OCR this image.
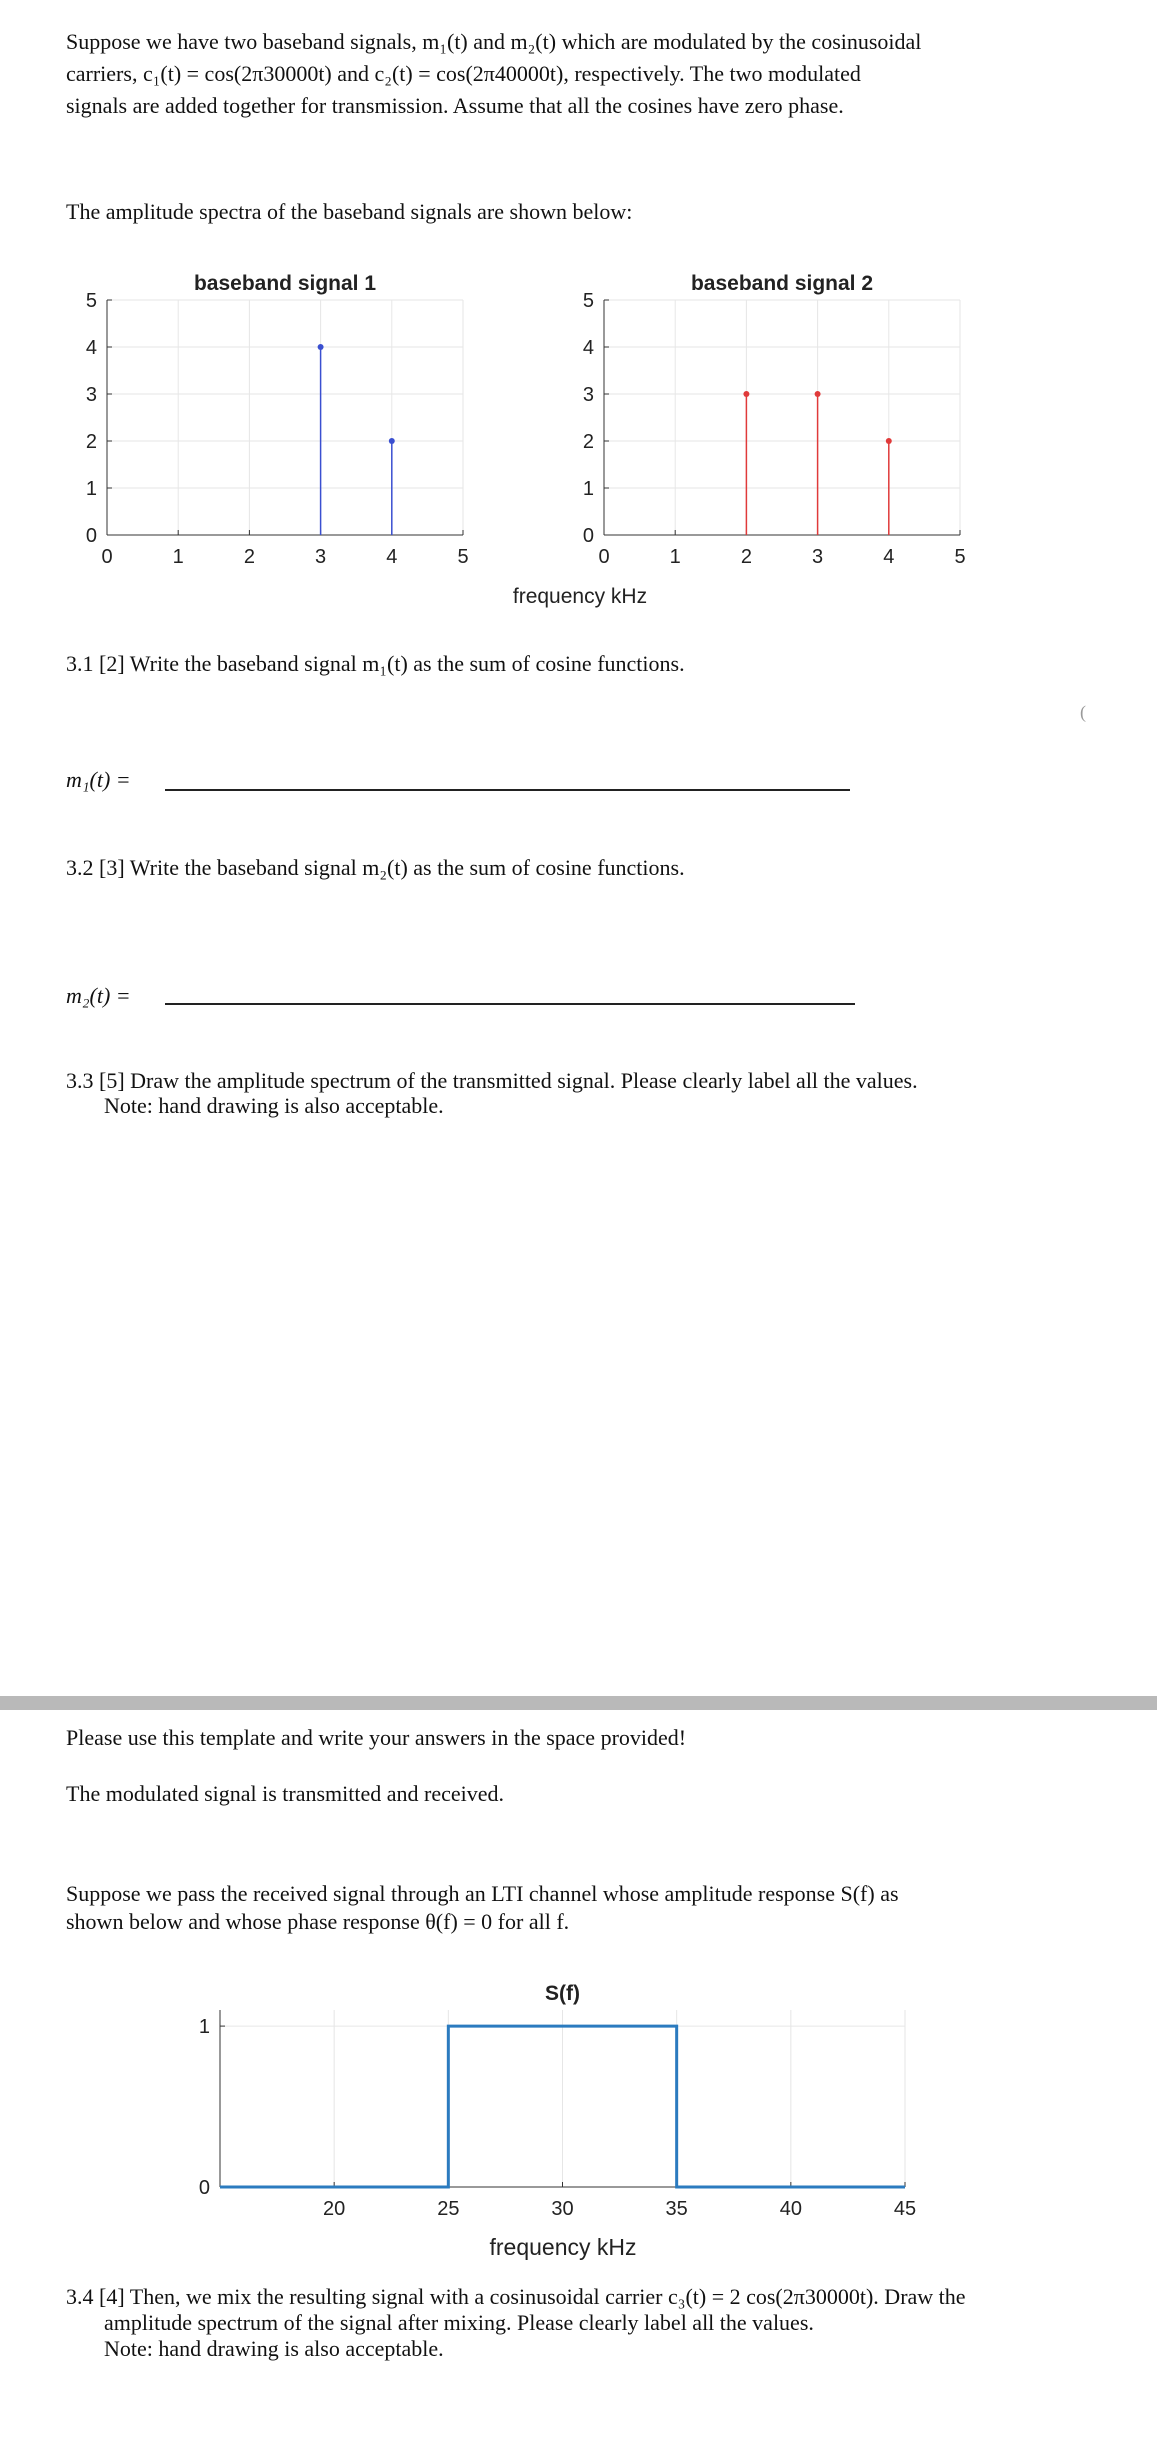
Suppose we have two baseband signals, m₁(t) and m₂(t) which are modulated by the cosinusoidal
carriers, c₁(t) = cos(2π30000t) and c₂(t) = cos(2π40000t), respectively. The two modulated
signals are added together for transmission. Assume that all the cosines have zero phase.
The amplitude spectra of the baseband signals are shown below:
0	1	2	3	4	5
0
1
2
3
4
5
baseband signal 1
0	1	2	3	4	5
0
1
2
3
4
5
baseband signal 2
frequency kHz
3.1 [2] Write the baseband signal m₁(t) as the sum of cosine functions.
(
m₁(t) =
3.2 [3] Write the baseband signal m₂(t) as the sum of cosine functions.
m₂(t) =
3.3 [5] Draw the amplitude spectrum of the transmitted signal. Please clearly label all the values.
Note: hand drawing is also acceptable.
Please use this template and write your answers in the space provided!
The modulated signal is transmitted and received.
Suppose we pass the received signal through an LTI channel whose amplitude response S(f) as
shown below and whose phase response θ(f) = 0 for all f.
20	25	30	35	40	45
0
1
S(f)
frequency kHz
3.4 [4] Then, we mix the resulting signal with a cosinusoidal carrier c₃(t) = 2 cos(2π30000t). Draw the
amplitude spectrum of the signal after mixing. Please clearly label all the values.
Note: hand drawing is also acceptable.
